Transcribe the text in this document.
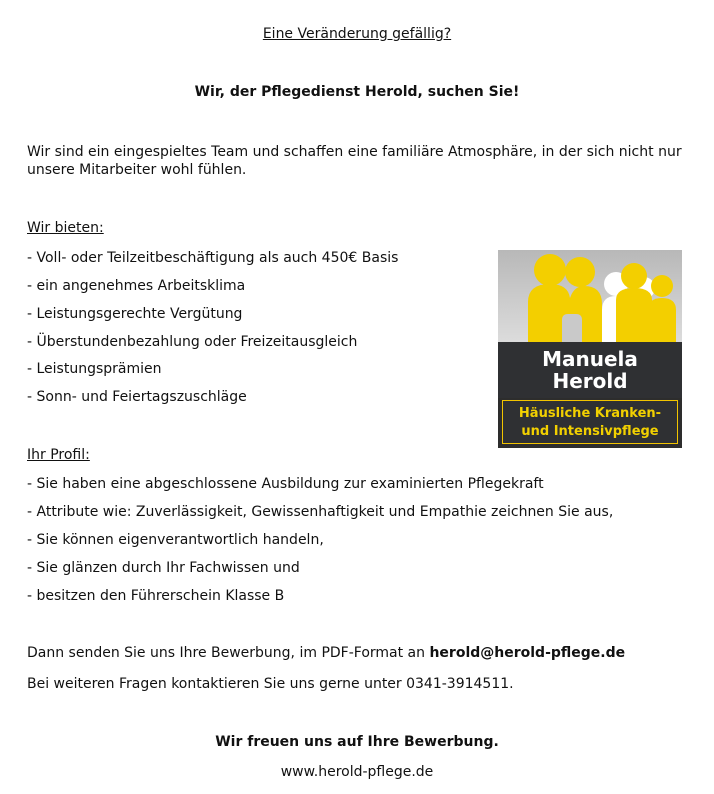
Eine Veränderung gefällig?

Wir, der Pflegedienst Herold, suchen Sie!

Wir sind ein eingespieltes Team und schaffen eine familiäre Atmosphäre, in der sich nicht nur unsere Mitarbeiter wohl fühlen.

Wir bieten:

- Voll- oder Teilzeitbeschäftigung als auch 450€ Basis

- ein angenehmes Arbeitsklima

- Leistungsgerechte Vergütung

- Überstundenbezahlung oder Freizeitausgleich

- Leistungsprämien

- Sonn- und Feiertagszuschläge

Ihr Profil:

- Sie haben eine abgeschlossene Ausbildung zur examinierten Pflegekraft

- Attribute wie: Zuverlässigkeit, Gewissenhaftigkeit und Empathie zeichnen Sie aus,

- Sie können eigenverantwortlich handeln,

- Sie glänzen durch Ihr Fachwissen und

- besitzen den Führerschein Klasse B

Dann senden Sie uns Ihre Bewerbung, im PDF-Format an herold@herold-pflege.de

Bei weiteren Fragen kontaktieren Sie uns gerne unter 0341-3914511.

Wir freuen uns auf Ihre Bewerbung.

www.herold-pflege.de
Manuela
Herold
Häusliche Kranken-
und Intensivpflege
